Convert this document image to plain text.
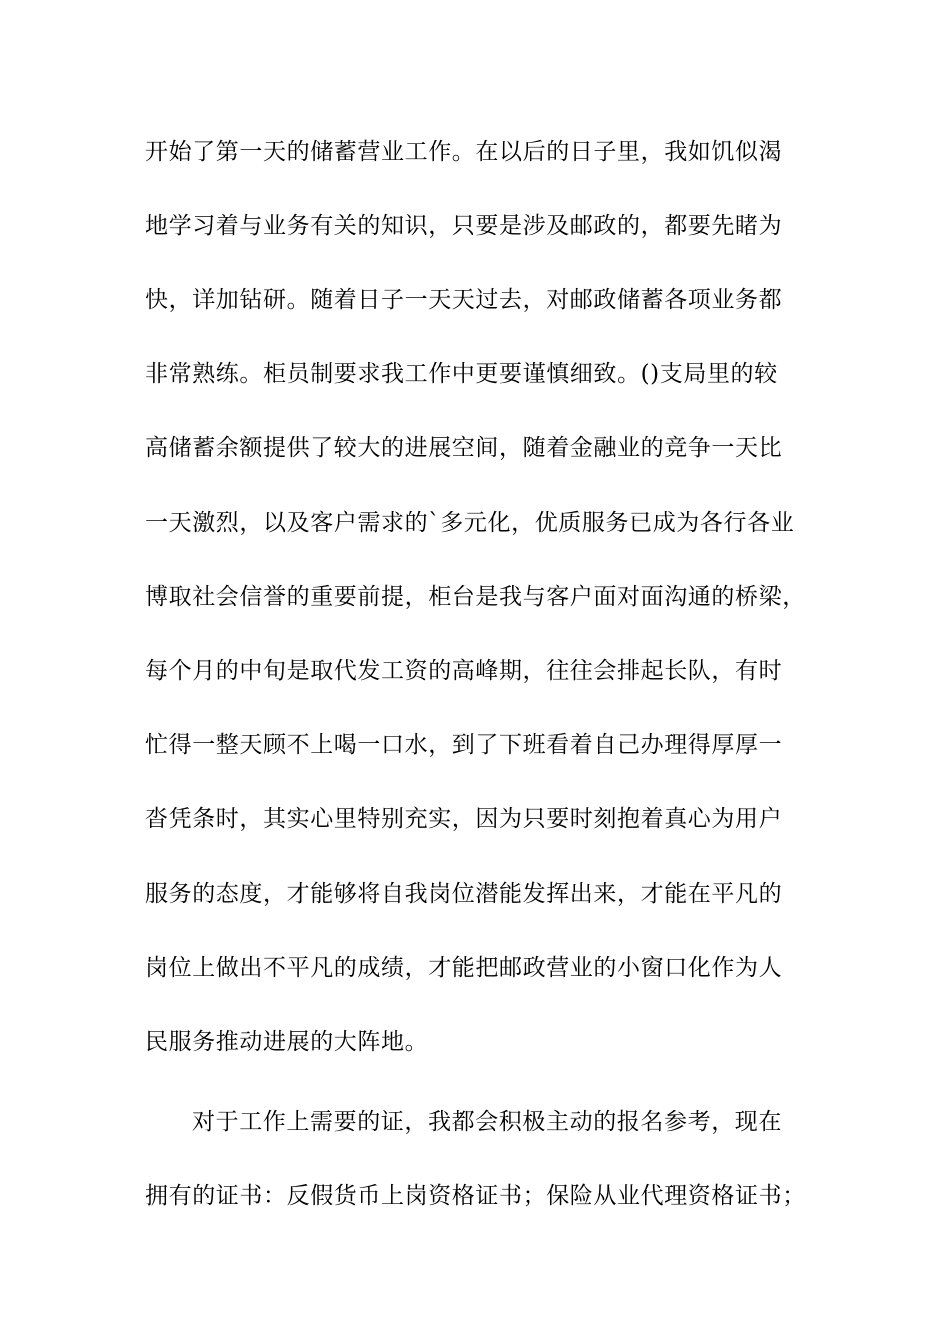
开始了第一天的储蓄营业工作。在以后的日子里，我如饥似渴
地学习着与业务有关的知识，只要是涉及邮政的，都要先睹为
快，详加钻研。随着日子一天天过去，对邮政储蓄各项业务都
非常熟练。柜员制要求我工作中更要谨慎细致。()支局里的较
高储蓄余额提供了较大的进展空间，随着金融业的竞争一天比
一天激烈，以及客户需求的`多元化，优质服务已成为各行各业
博取社会信誉的重要前提，柜台是我与客户面对面沟通的桥梁，
每个月的中旬是取代发工资的高峰期，往往会排起长队，有时
忙得一整天顾不上喝一口水，到了下班看着自己办理得厚厚一
沓凭条时，其实心里特别充实，因为只要时刻抱着真心为用户
服务的态度，才能够将自我岗位潜能发挥出来，才能在平凡的
岗位上做出不平凡的成绩，才能把邮政营业的小窗口化作为人
民服务推动进展的大阵地。
对于工作上需要的证，我都会积极主动的报名参考，现在
拥有的证书：反假货币上岗资格证书；保险从业代理资格证书；
